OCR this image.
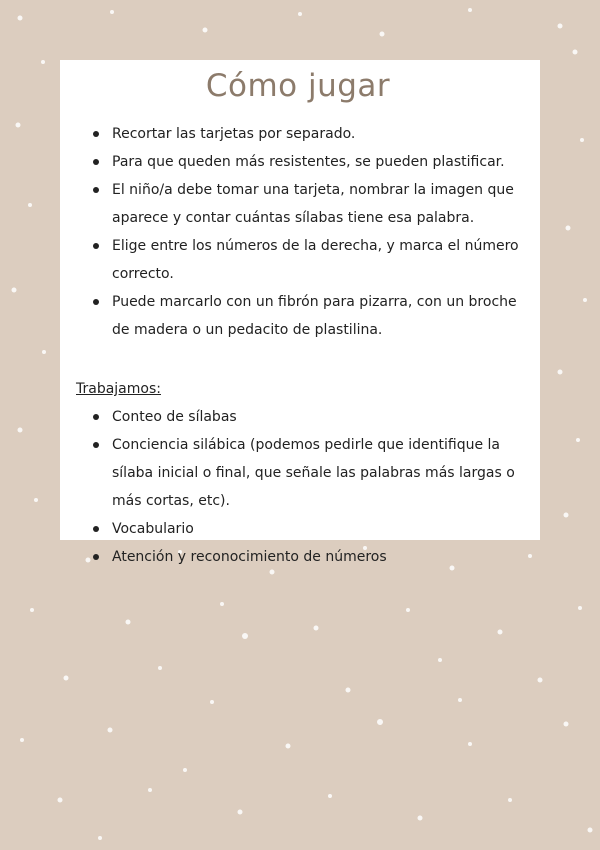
Cómo jugar
Recortar las tarjetas por separado.
Para que queden más resistentes, se pueden plastificar.
El niño/a debe tomar una tarjeta, nombrar la imagen que aparece y contar cuántas sílabas tiene esa palabra.
Elige entre los números de la derecha, y marca el número correcto.
Puede marcarlo con un fibrón para pizarra, con un broche de madera o un pedacito de plastilina.
Trabajamos:
Conteo de sílabas
Conciencia silábica (podemos pedirle que identifique la sílaba inicial o final, que señale las palabras más largas o más cortas, etc).
Vocabulario
Atención y reconocimiento de números
